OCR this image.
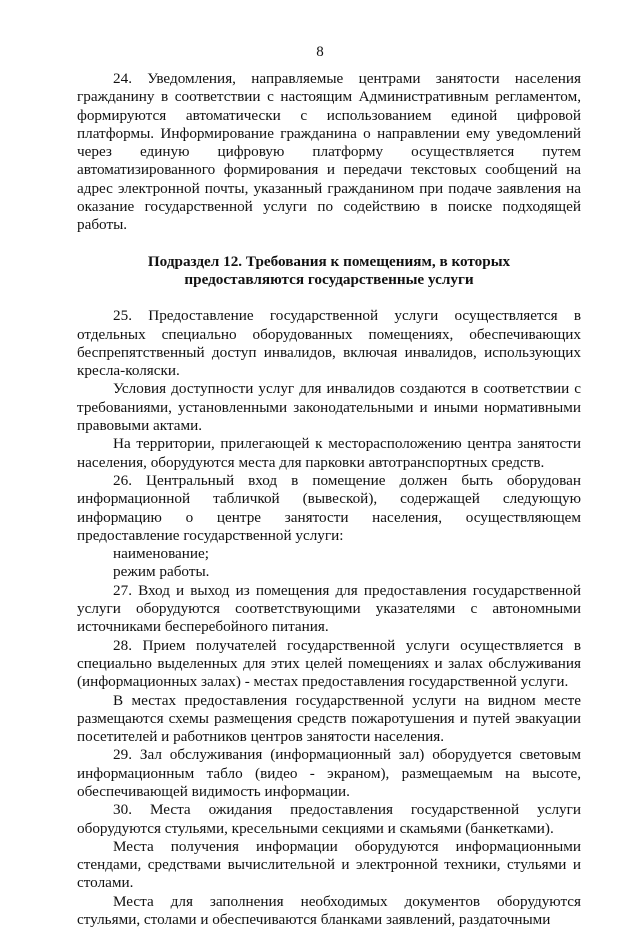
8

24. Уведомления, направляемые центрами занятости населения гражданину в соответствии с настоящим Административным регламентом, формируются автоматически с использованием единой цифровой платформы. Информирование гражданина о направлении ему уведомлений через единую цифровую платформу осуществляется путем автоматизированного формирования и передачи текстовых сообщений на адрес электронной почты, указанный гражданином при подаче заявления на оказание государственной услуги по содействию в поиске подходящей работы.

Подраздел 12. Требования к помещениям, в которых предоставляются государственные услуги

25. Предоставление государственной услуги осуществляется в отдельных специально оборудованных помещениях, обеспечивающих беспрепятственный доступ инвалидов, включая инвалидов, использующих кресла-коляски.

Условия доступности услуг для инвалидов создаются в соответствии с требованиями, установленными законодательными и иными нормативными правовыми актами.

На территории, прилегающей к месторасположению центра занятости населения, оборудуются места для парковки автотранспортных средств.

26. Центральный вход в помещение должен быть оборудован информационной табличкой (вывеской), содержащей следующую информацию о центре занятости населения, осуществляющем предоставление государственной услуги:

наименование;

режим работы.

27. Вход и выход из помещения для предоставления государственной услуги оборудуются соответствующими указателями с автономными источниками бесперебойного питания.

28. Прием получателей государственной услуги осуществляется в специально выделенных для этих целей помещениях и залах обслуживания (информационных залах) - местах предоставления государственной услуги.

В местах предоставления государственной услуги на видном месте размещаются схемы размещения средств пожаротушения и путей эвакуации посетителей и работников центров занятости населения.

29. Зал обслуживания (информационный зал) оборудуется световым информационным табло (видео - экраном), размещаемым на высоте, обеспечивающей видимость информации.

30. Места ожидания предоставления государственной услуги оборудуются стульями, кресельными секциями и скамьями (банкетками).

Места получения информации оборудуются информационными стендами, средствами вычислительной и электронной техники, стульями и столами.

Места для заполнения необходимых документов оборудуются стульями, столами и обеспечиваются бланками заявлений, раздаточными
